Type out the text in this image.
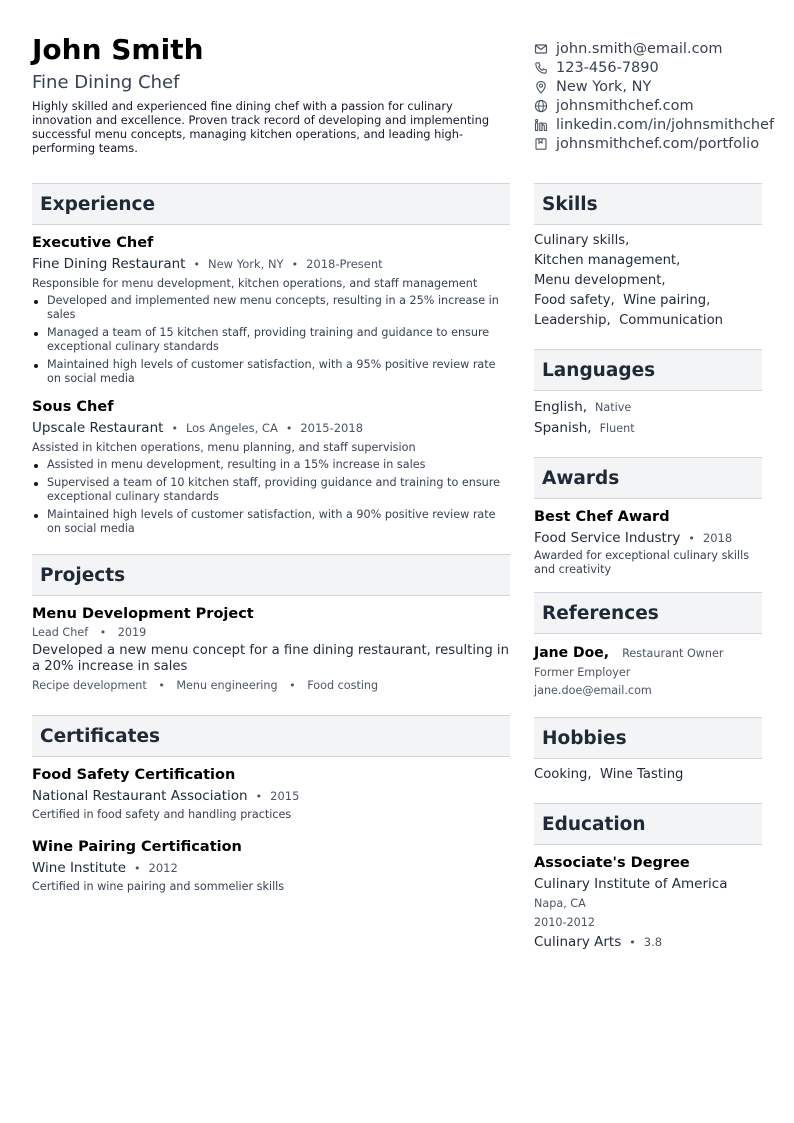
John Smith
Fine Dining Chef
Highly skilled and experienced fine dining chef with a passion for culinary innovation and excellence. Proven track record of developing and implementing successful menu concepts, managing kitchen operations, and leading high-performing teams.
john.smith@email.com
123-456-7890
New York, NY
johnsmithchef.com
linkedin.com/in/johnsmithchef
johnsmithchef.com/portfolio
Experience
Executive Chef
Fine Dining Restaurant • New York, NY • 2018-Present
Responsible for menu development, kitchen operations, and staff management
Developed and implemented new menu concepts, resulting in a 25% increase in sales
Managed a team of 15 kitchen staff, providing training and guidance to ensure exceptional culinary standards
Maintained high levels of customer satisfaction, with a 95% positive review rate on social media
Sous Chef
Upscale Restaurant • Los Angeles, CA • 2015-2018
Assisted in kitchen operations, menu planning, and staff supervision
Assisted in menu development, resulting in a 15% increase in sales
Supervised a team of 10 kitchen staff, providing guidance and training to ensure exceptional culinary standards
Maintained high levels of customer satisfaction, with a 90% positive review rate on social media
Projects
Menu Development Project
Lead Chef • 2019
Developed a new menu concept for a fine dining restaurant, resulting in a 20% increase in sales
Recipe development • Menu engineering • Food costing
Certificates
Food Safety Certification
National Restaurant Association • 2015
Certified in food safety and handling practices
Wine Pairing Certification
Wine Institute • 2012
Certified in wine pairing and sommelier skills
Skills
Culinary skills,
Kitchen management,
Menu development,
Food safety, Wine pairing,
Leadership, Communication
Languages
English, Native
Spanish, Fluent
Awards
Best Chef Award
Food Service Industry • 2018
Awarded for exceptional culinary skills and creativity
References
Jane Doe, Restaurant Owner
Former Employer
jane.doe@email.com
Hobbies
Cooking, Wine Tasting
Education
Associate's Degree
Culinary Institute of America
Napa, CA
2010-2012
Culinary Arts • 3.8
